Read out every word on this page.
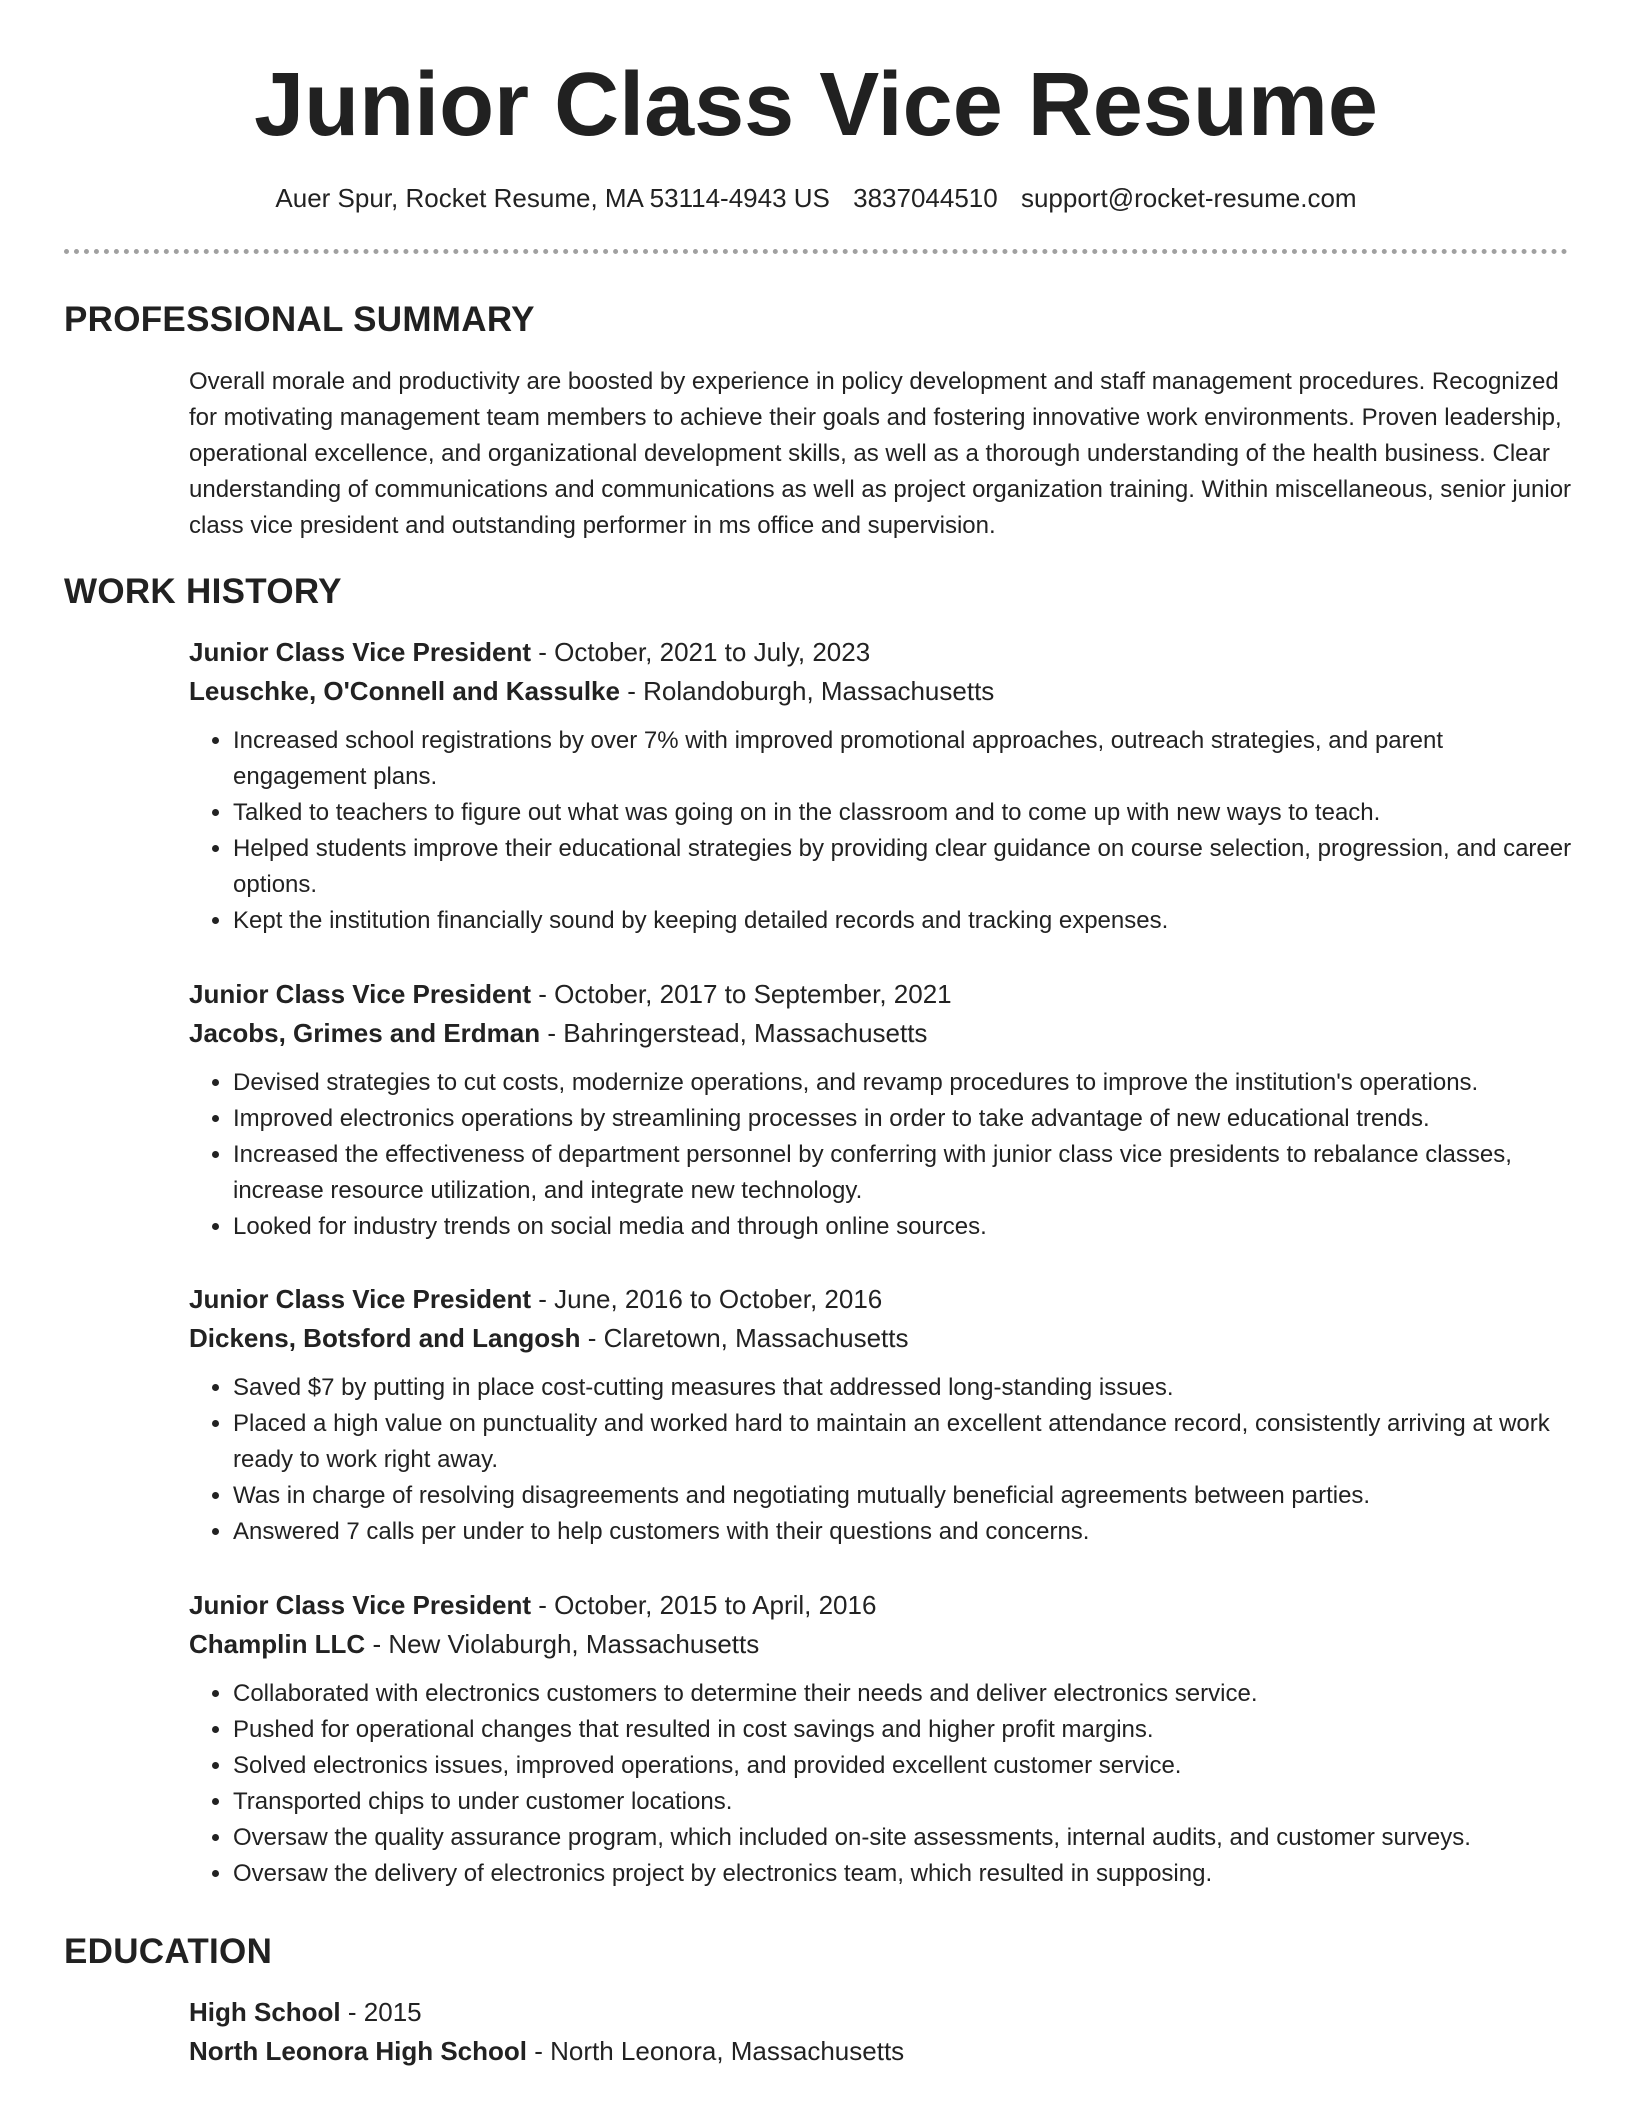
Junior Class Vice Resume
Auer Spur, Rocket Resume, MA 53114-4943 US 3837044510 support@rocket-resume.com
PROFESSIONAL SUMMARY

Overall morale and productivity are boosted by experience in policy development and staff management procedures. Recognized for motivating management team members to achieve their goals and fostering innovative work environments. Proven leadership, operational excellence, and organizational development skills, as well as a thorough understanding of the health business. Clear understanding of communications and communications as well as project organization training. Within miscellaneous, senior junior class vice president and outstanding performer in ms office and supervision.

WORK HISTORY
Junior Class Vice President - October, 2021 to July, 2023
Leuschke, O'Connell and Kassulke - Rolandoburgh, Massachusetts
• Increased school registrations by over 7% with improved promotional approaches, outreach strategies, and parent engagement plans.
• Talked to teachers to figure out what was going on in the classroom and to come up with new ways to teach.
• Helped students improve their educational strategies by providing clear guidance on course selection, progression, and career options.
• Kept the institution financially sound by keeping detailed records and tracking expenses.
Junior Class Vice President - October, 2017 to September, 2021
Jacobs, Grimes and Erdman - Bahringerstead, Massachusetts
• Devised strategies to cut costs, modernize operations, and revamp procedures to improve the institution's operations.
• Improved electronics operations by streamlining processes in order to take advantage of new educational trends.
• Increased the effectiveness of department personnel by conferring with junior class vice presidents to rebalance classes, increase resource utilization, and integrate new technology.
• Looked for industry trends on social media and through online sources.
Junior Class Vice President - June, 2016 to October, 2016
Dickens, Botsford and Langosh - Claretown, Massachusetts
• Saved $7 by putting in place cost-cutting measures that addressed long-standing issues.
• Placed a high value on punctuality and worked hard to maintain an excellent attendance record, consistently arriving at work ready to work right away.
• Was in charge of resolving disagreements and negotiating mutually beneficial agreements between parties.
• Answered 7 calls per under to help customers with their questions and concerns.
Junior Class Vice President - October, 2015 to April, 2016
Champlin LLC - New Violaburgh, Massachusetts
• Collaborated with electronics customers to determine their needs and deliver electronics service.
• Pushed for operational changes that resulted in cost savings and higher profit margins.
• Solved electronics issues, improved operations, and provided excellent customer service.
• Transported chips to under customer locations.
• Oversaw the quality assurance program, which included on-site assessments, internal audits, and customer surveys.
• Oversaw the delivery of electronics project by electronics team, which resulted in supposing.
EDUCATION
High School - 2015
North Leonora High School - North Leonora, Massachusetts
